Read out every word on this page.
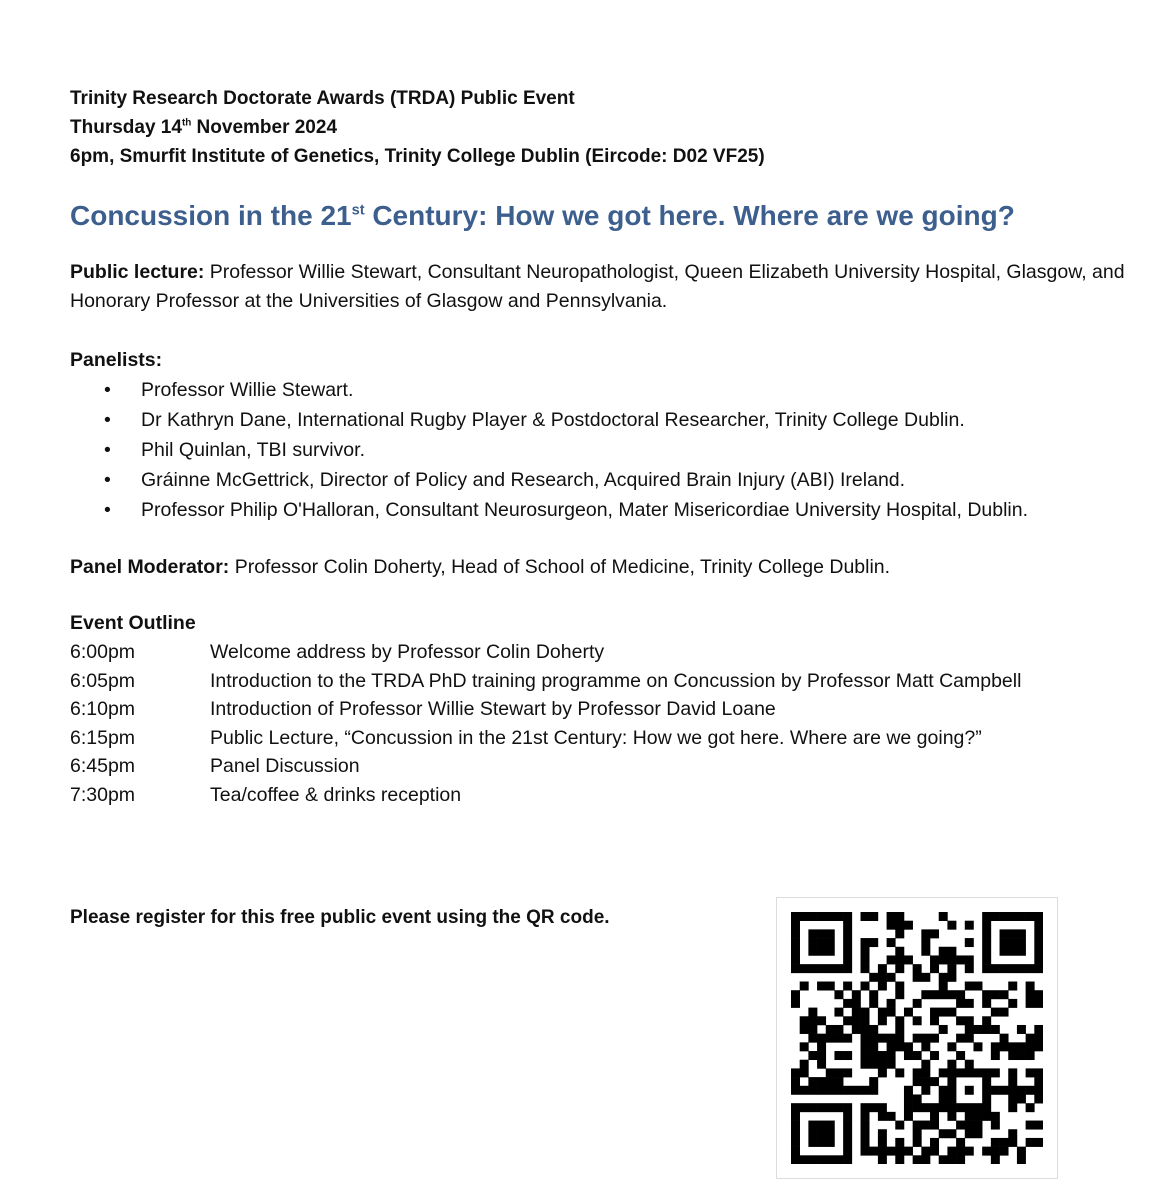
Trinity Research Doctorate Awards (TRDA) Public Event
Thursday 14th November 2024
6pm, Smurfit Institute of Genetics, Trinity College Dublin (Eircode: D02 VF25)
Concussion in the 21st Century: How we got here. Where are we going?
Public lecture: Professor Willie Stewart, Consultant Neuropathologist, Queen Elizabeth University Hospital, Glasgow, and Honorary Professor at the Universities of Glasgow and Pennsylvania.
Panelists:
• Professor Willie Stewart.
• Dr Kathryn Dane, International Rugby Player & Postdoctoral Researcher, Trinity College Dublin.
• Phil Quinlan, TBI survivor.
• Gráinne McGettrick, Director of Policy and Research, Acquired Brain Injury (ABI) Ireland.
• Professor Philip O'Halloran, Consultant Neurosurgeon, Mater Misericordiae University Hospital, Dublin.
Panel Moderator: Professor Colin Doherty, Head of School of Medicine, Trinity College Dublin.
Event Outline
6:00pm	Welcome address by Professor Colin Doherty
6:05pm	Introduction to the TRDA PhD training programme on Concussion by Professor Matt Campbell
6:10pm	Introduction of Professor Willie Stewart by Professor David Loane
6:15pm	Public Lecture, “Concussion in the 21st Century: How we got here. Where are we going?”
6:45pm	Panel Discussion
7:30pm	Tea/coffee & drinks reception
Please register for this free public event using the QR code.
